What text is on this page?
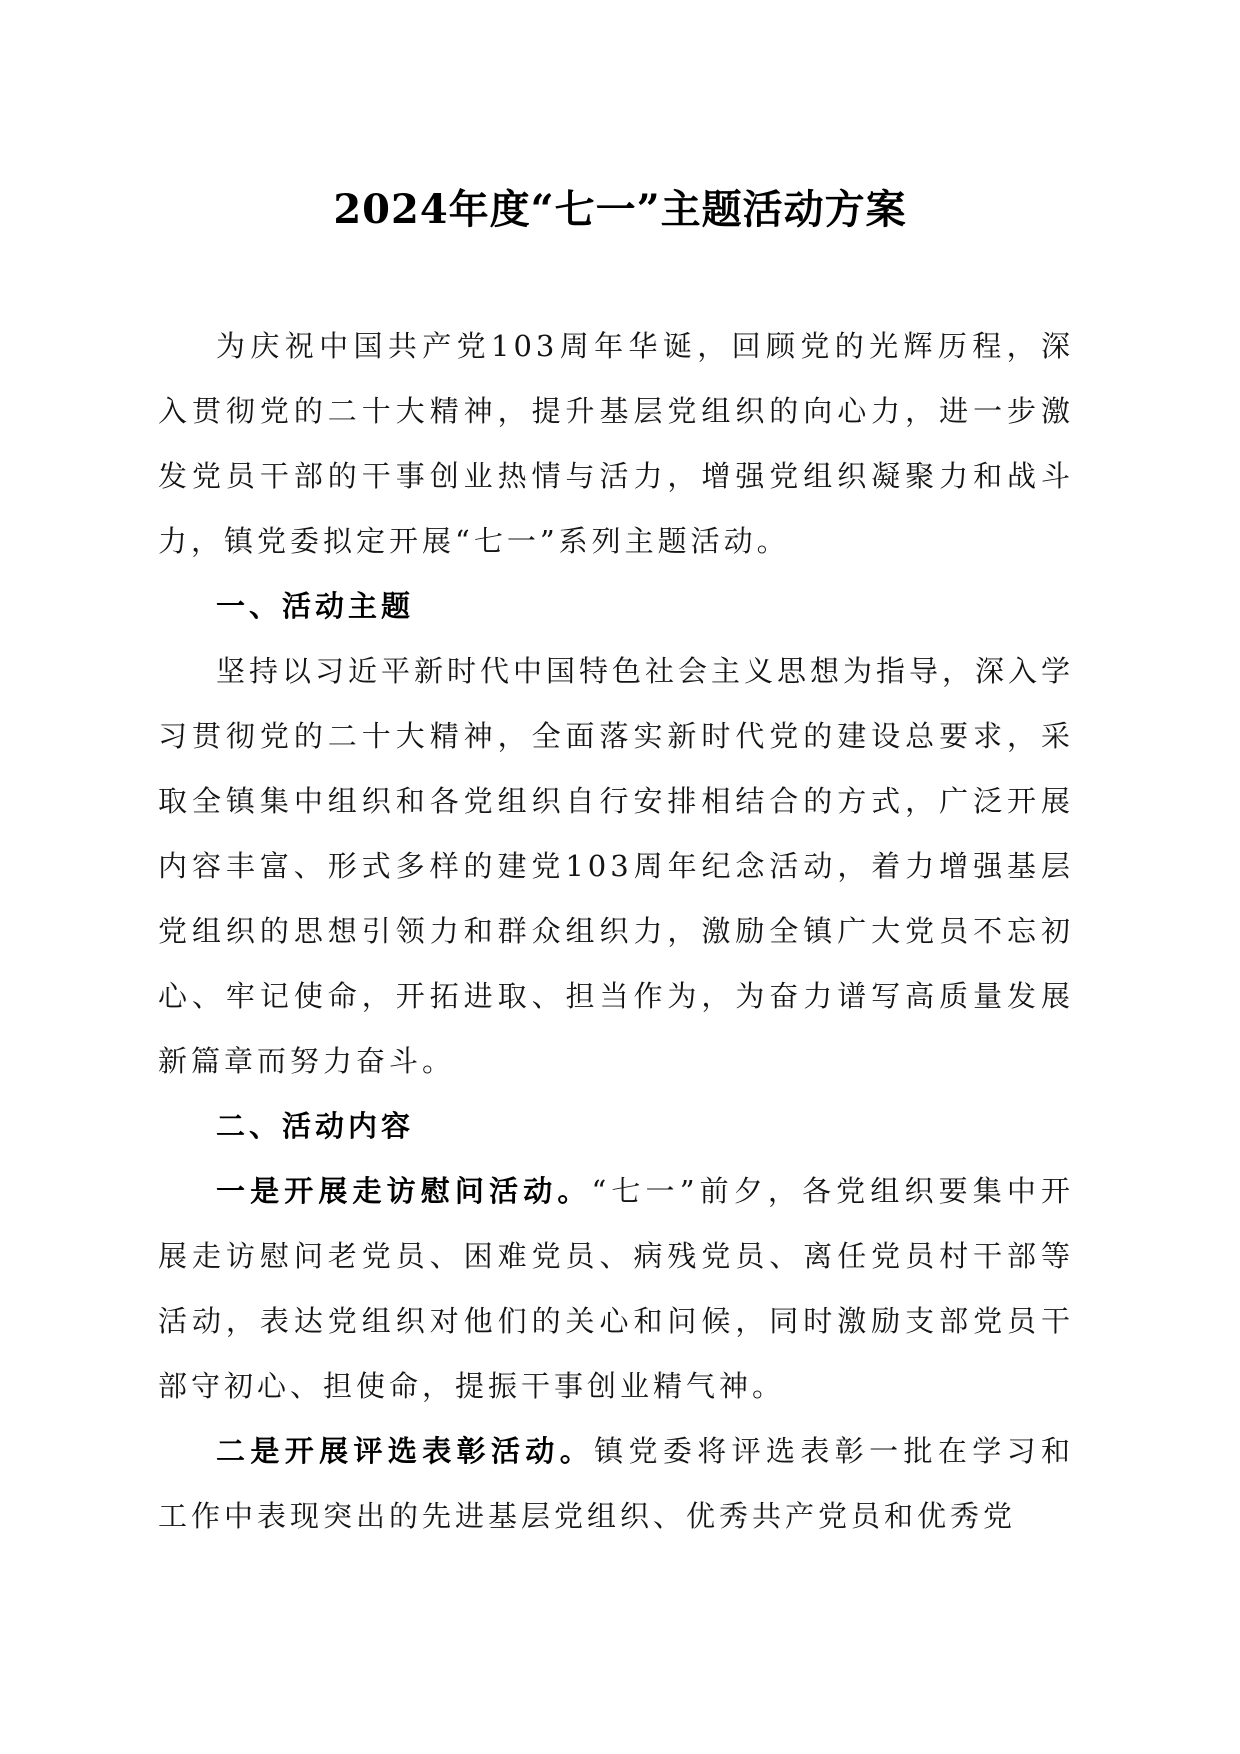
2024年度“七一”主题活动方案

为庆祝中国共产党103周年华诞，回顾党的光辉历程，深入贯彻党的二十大精神，提升基层党组织的向心力，进一步激发党员干部的干事创业热情与活力，增强党组织凝聚力和战斗力，镇党委拟定开展“七一”系列主题活动。

一、活动主题

坚持以习近平新时代中国特色社会主义思想为指导，深入学习贯彻党的二十大精神，全面落实新时代党的建设总要求，采取全镇集中组织和各党组织自行安排相结合的方式，广泛开展内容丰富、形式多样的建党103周年纪念活动，着力增强基层党组织的思想引领力和群众组织力，激励全镇广大党员不忘初心、牢记使命，开拓进取、担当作为，为奋力谱写高质量发展新篇章而努力奋斗。

二、活动内容

一是开展走访慰问活动。“七一”前夕，各党组织要集中开展走访慰问老党员、困难党员、病残党员、离任党员村干部等活动，表达党组织对他们的关心和问候，同时激励支部党员干部守初心、担使命，提振干事创业精气神。

二是开展评选表彰活动。镇党委将评选表彰一批在学习和工作中表现突出的先进基层党组织、优秀共产党员和优秀党
